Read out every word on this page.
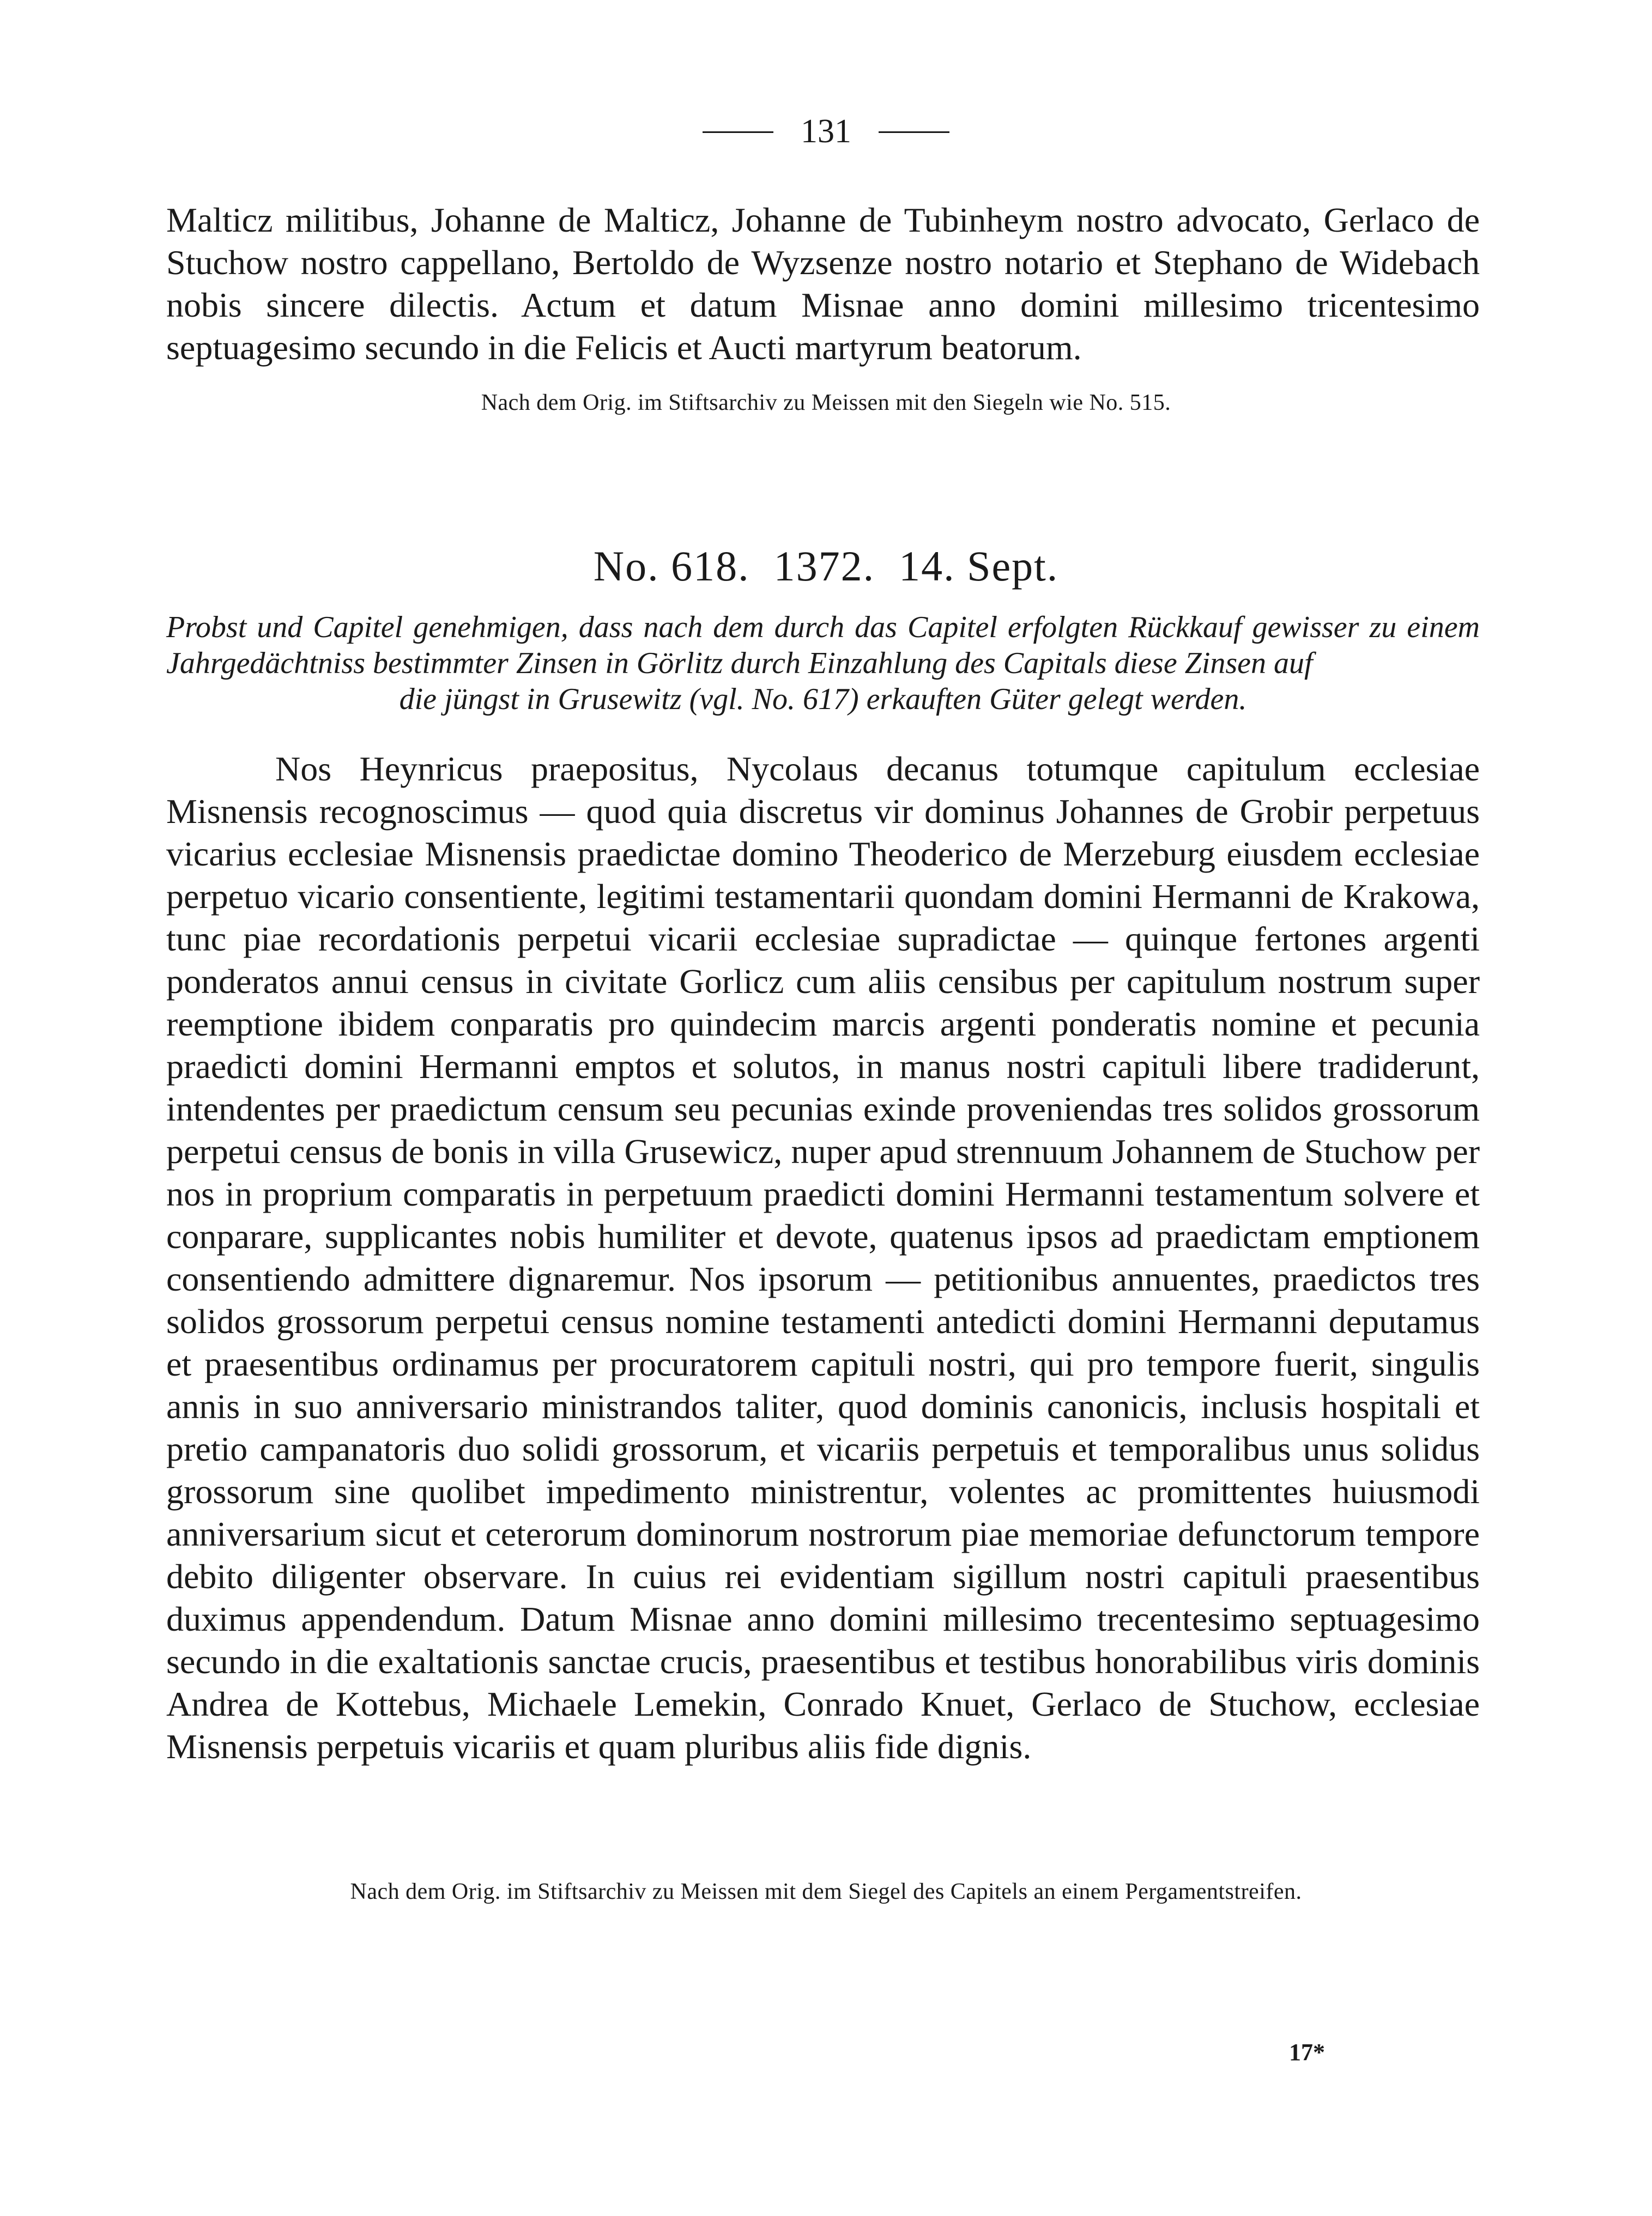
131

Malticz militibus, Johanne de Malticz, Johanne de Tubinheym nostro advocato, Gerlaco de Stuchow nostro cappellano, Bertoldo de Wyzsenze nostro notario et Stephano de Widebach nobis sincere dilectis. Actum et datum Misnae anno domini millesimo tricentesimo septuagesimo secundo in die Felicis et Aucti martyrum beatorum.

Nach dem Orig. im Stiftsarchiv zu Meissen mit den Siegeln wie No. 515.
No. 618. 1372. 14. Sept.
Probst und Capitel genehmigen, dass nach dem durch das Capitel erfolgten Rückkauf gewisser zu einem Jahrgedächtniss bestimmter Zinsen in Görlitz durch Einzahlung des Capitals diese Zinsen auf
die jüngst in Grusewitz (vgl. No. 617) erkauften Güter gelegt werden.

Nos Heynricus praepositus, Nycolaus decanus totumque capitulum ecclesiae Misnensis recognoscimus — quod quia discretus vir dominus Johannes de Grobir perpetuus vicarius ecclesiae Misnensis praedictae domino Theoderico de Merzeburg eiusdem ecclesiae perpetuo vicario consentiente, legitimi testamentarii quondam domini Hermanni de Krakowa, tunc piae recordationis perpetui vicarii ecclesiae supradictae — quinque fertones argenti ponderatos annui census in civitate Gorlicz cum aliis censibus per capitulum nostrum super reemptione ibidem conparatis pro quindecim marcis argenti ponderatis nomine et pecunia praedicti domini Hermanni emptos et solutos, in manus nostri capituli libere tradiderunt, intendentes per praedictum censum seu pecunias exinde proveniendas tres solidos grossorum perpetui census de bonis in villa Grusewicz, nuper apud strennuum Johannem de Stuchow per nos in proprium comparatis in perpetuum praedicti domini Hermanni testamentum solvere et conparare, supplicantes nobis humiliter et devote, quatenus ipsos ad praedictam emptionem consentiendo admittere dignaremur. Nos ipsorum — petitionibus annuentes, praedictos tres solidos grossorum perpetui census nomine testamenti antedicti domini Hermanni deputamus et praesentibus ordinamus per procuratorem capituli nostri, qui pro tempore fuerit, singulis annis in suo anniversario ministrandos taliter, quod dominis canonicis, inclusis hospitali et pretio campanatoris duo solidi grossorum, et vicariis perpetuis et temporalibus unus solidus grossorum sine quolibet impedimento ministrentur, volentes ac promittentes huiusmodi anniversarium sicut et ceterorum dominorum nostrorum piae memoriae defunctorum tempore debito diligenter observare. In cuius rei evidentiam sigillum nostri capituli praesentibus duximus appendendum. Datum Misnae anno domini millesimo trecentesimo septuagesimo secundo in die exaltationis sanctae crucis, praesentibus et testibus honorabilibus viris dominis Andrea de Kottebus, Michaele Lemekin, Conrado Knuet, Gerlaco de Stuchow, ecclesiae Misnensis perpetuis vicariis et quam pluribus aliis fide dignis.

Nach dem Orig. im Stiftsarchiv zu Meissen mit dem Siegel des Capitels an einem Pergamentstreifen.
17*
